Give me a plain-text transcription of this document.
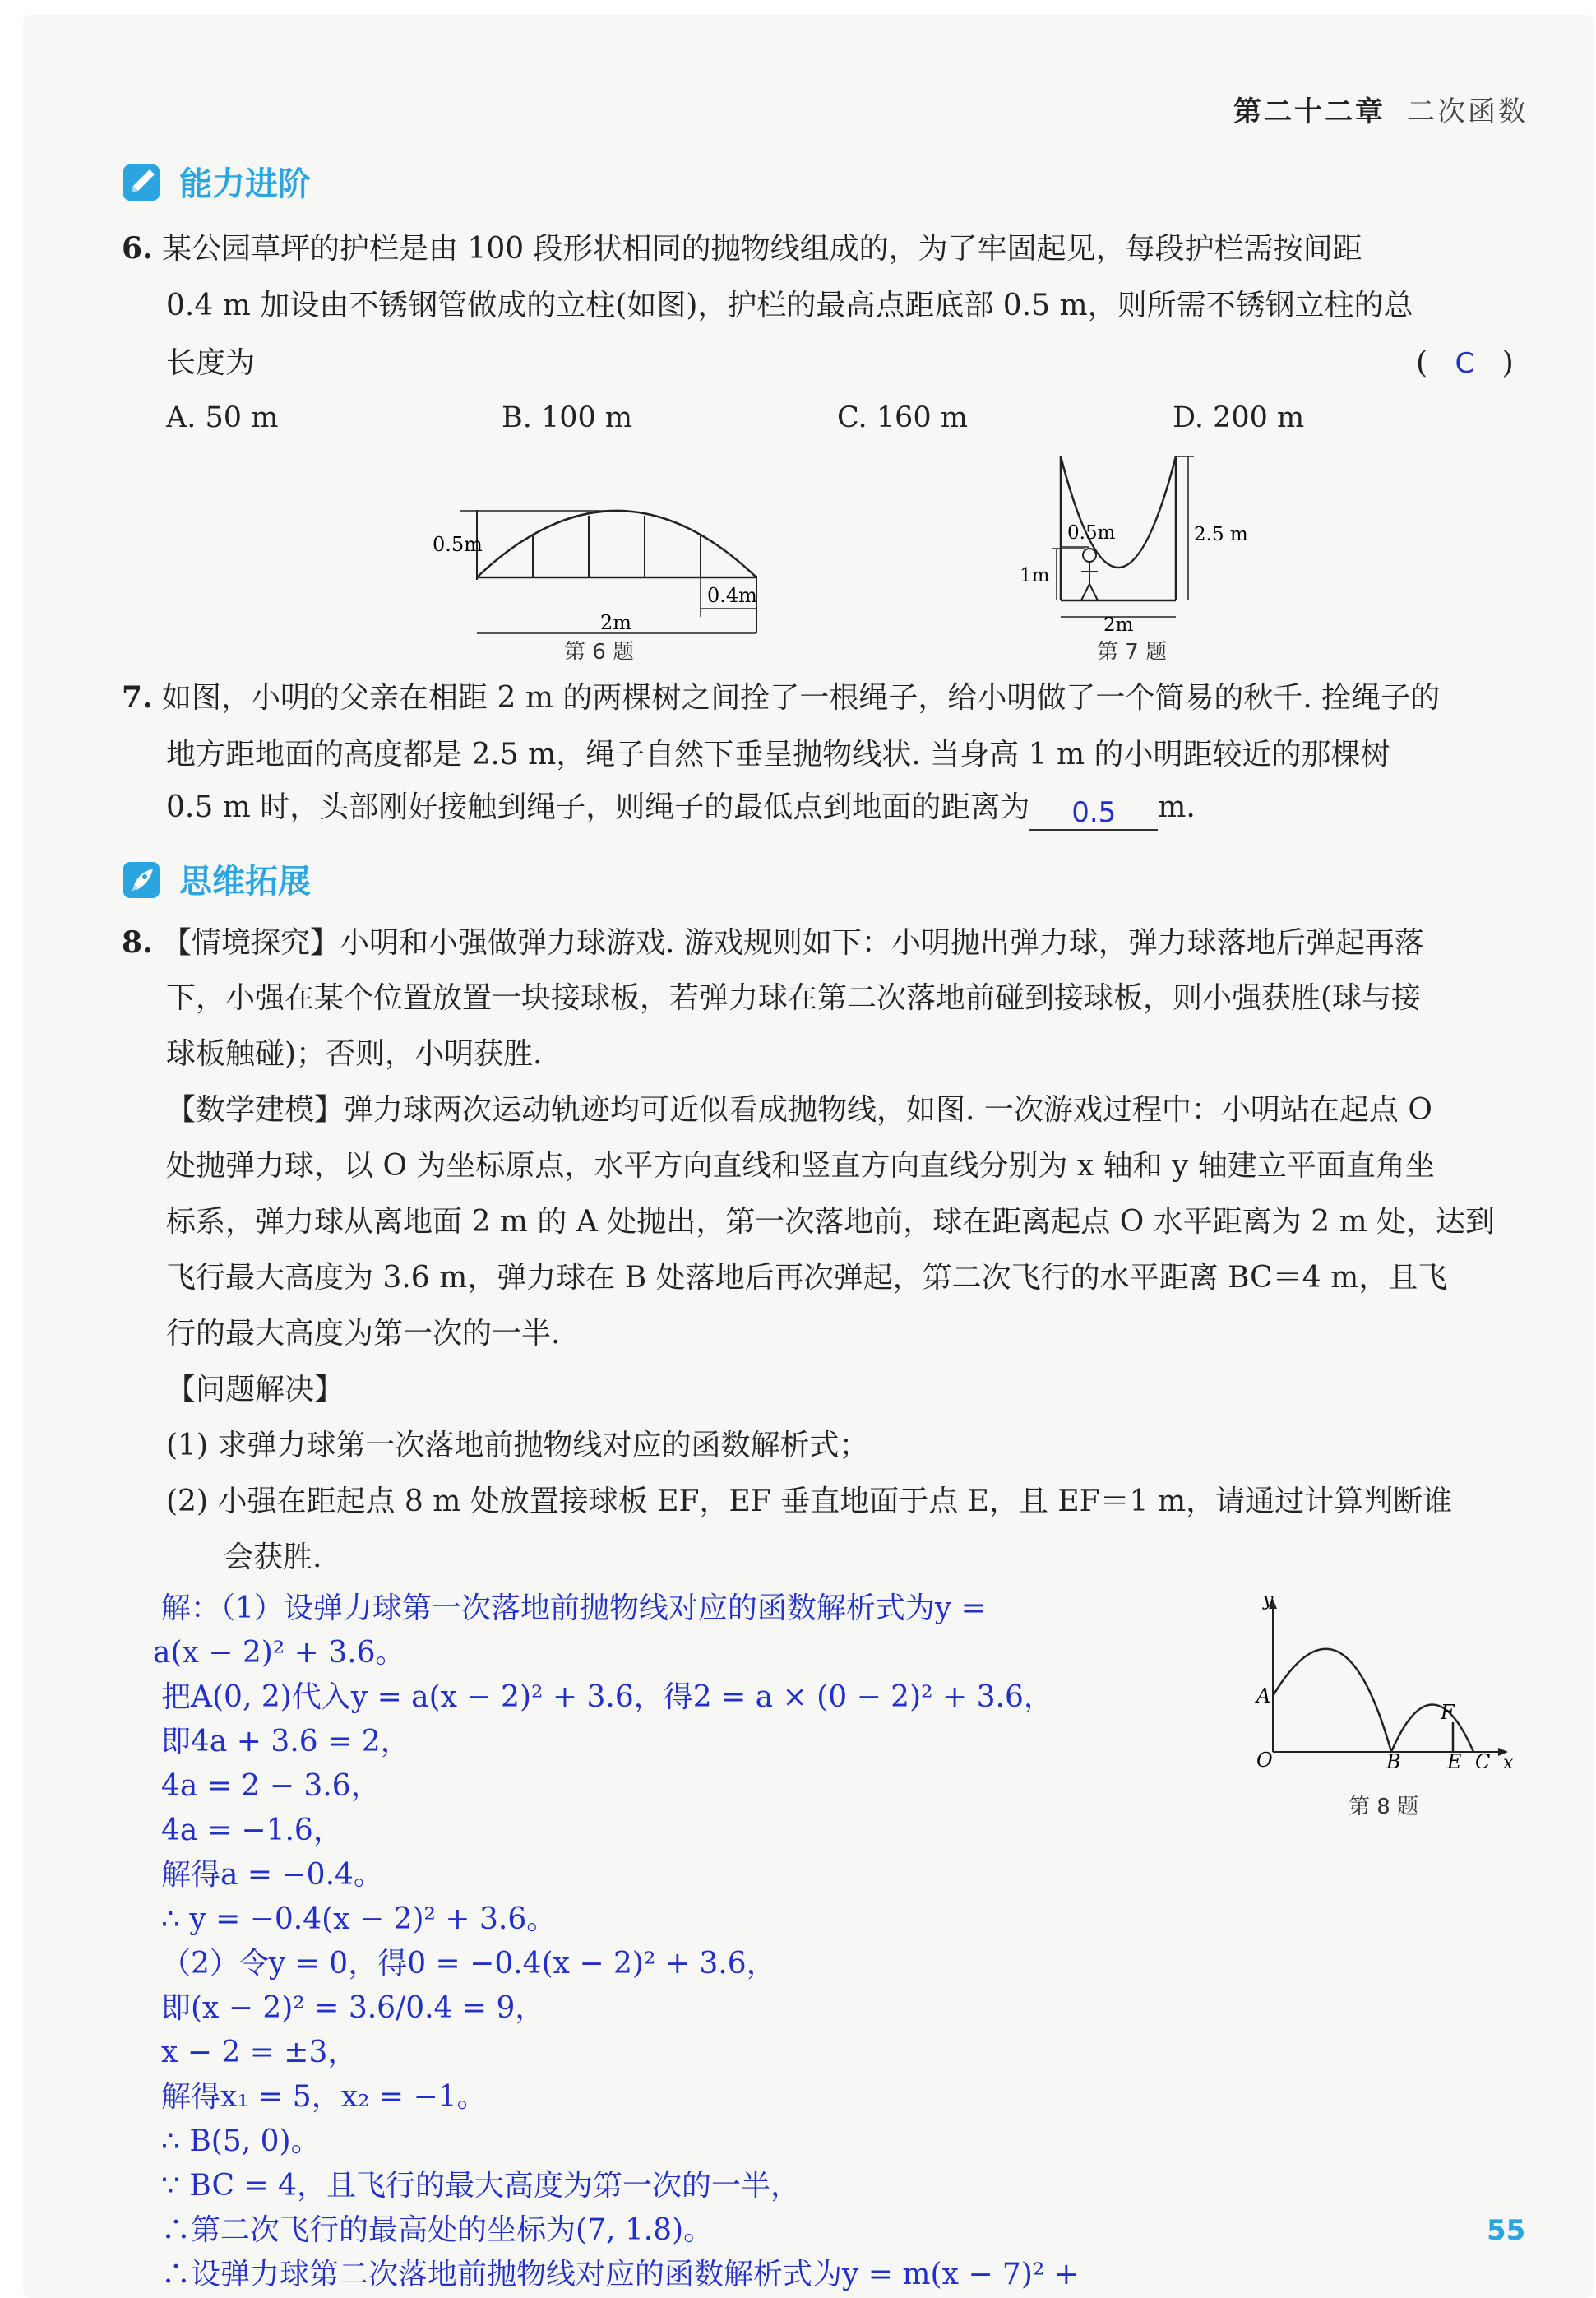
第二十二章 二次函数
能力进阶
6. 某公园草坪的护栏是由 100 段形状相同的抛物线组成的，为了牢固起见，每段护栏需按间距
0.4 m 加设由不锈钢管做成的立柱(如图)，护栏的最高点距底部 0.5 m，则所需不锈钢立柱的总
长度为	( C )
A. 50 m	B. 100 m	C. 160 m	D. 200 m
0.5m
2m
0.4m
第 6 题
0.5m	2.5 m
1m
2m
第 7 题
7. 如图，小明的父亲在相距 2 m 的两棵树之间拴了一根绳子，给小明做了一个简易的秋千. 拴绳子的
地方距地面的高度都是 2.5 m，绳子自然下垂呈抛物线状. 当身高 1 m 的小明距较近的那棵树
0.5 m 时，头部刚好接触到绳子，则绳子的最低点到地面的距离为 0.5 m.
思维拓展
8. 【情境探究】小明和小强做弹力球游戏. 游戏规则如下：小明抛出弹力球，弹力球落地后弹起再落
下，小强在某个位置放置一块接球板，若弹力球在第二次落地前碰到接球板，则小强获胜(球与接
球板触碰)；否则，小明获胜.
【数学建模】弹力球两次运动轨迹均可近似看成抛物线，如图. 一次游戏过程中：小明站在起点 O
处抛弹力球，以 O 为坐标原点，水平方向直线和竖直方向直线分别为 x 轴和 y 轴建立平面直角坐
标系，弹力球从离地面 2 m 的 A 处抛出，第一次落地前，球在距离起点 O 水平距离为 2 m 处，达到
飞行最大高度为 3.6 m，弹力球在 B 处落地后再次弹起，第二次飞行的水平距离 BC＝4 m，且飞
行的最大高度为第一次的一半.
【问题解决】
(1) 求弹力球第一次落地前抛物线对应的函数解析式；
(2) 小强在距起点 8 m 处放置接球板 EF，EF 垂直地面于点 E，且 EF＝1 m，请通过计算判断谁
会获胜.
y
x
O
A
B E C
F
第 8 题
解：（1）设弹力球第一次落地前抛物线对应的函数解析式为y =
a(x − 2)² + 3.6。
把A(0, 2)代入y = a(x − 2)² + 3.6，得2 = a × (0 − 2)² + 3.6，
即4a + 3.6 = 2，
4a = 2 − 3.6，
4a = −1.6，
解得a = −0.4。
∴ y = −0.4(x − 2)² + 3.6。
（2）令y = 0，得0 = −0.4(x − 2)² + 3.6，
即(x − 2)² = 3.6/0.4 = 9，
x − 2 = ±3，
解得x₁ = 5，x₂ = −1。
∴ B(5, 0)。
∵ BC = 4，且飞行的最大高度为第一次的一半，
∴第二次飞行的最高处的坐标为(7, 1.8)。
∴设弹力球第二次落地前抛物线对应的函数解析式为y = m(x − 7)² +
55
